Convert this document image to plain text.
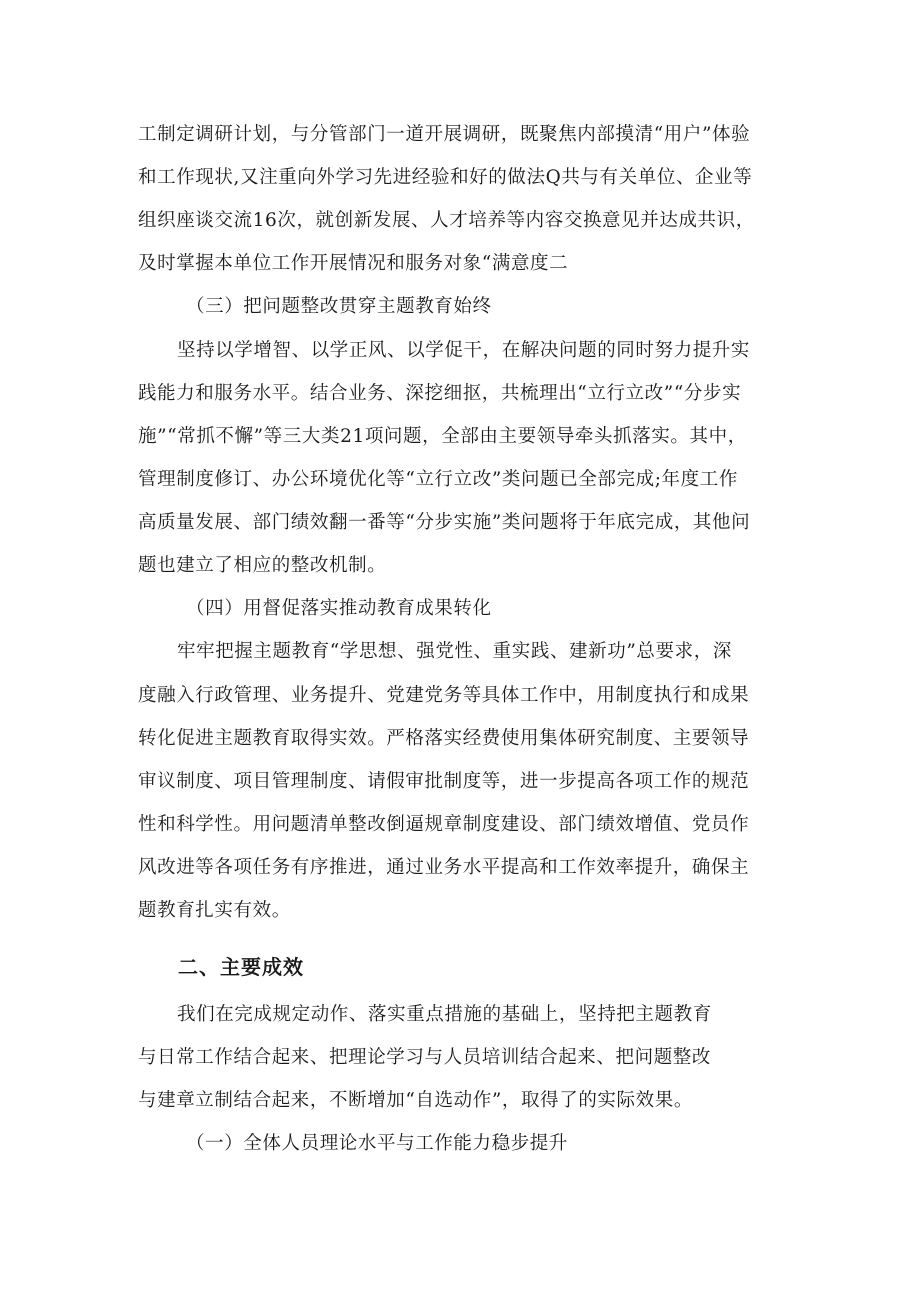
工制定调研计划，与分管部门一道开展调研，既聚焦内部摸清“用户”体验
和工作现状,又注重向外学习先进经验和好的做法Q共与有关单位、企业等
组织座谈交流16次，就创新发展、人才培养等内容交换意见并达成共识，
及时掌握本单位工作开展情况和服务对象“满意度二
（三）把问题整改贯穿主题教育始终
坚持以学增智、以学正风、以学促干，在解决问题的同时努力提升实
践能力和服务水平。结合业务、深挖细抠，共梳理出“立行立改”“分步实
施”“常抓不懈”等三大类21项问题，全部由主要领导牵头抓落实。其中，
管理制度修订、办公环境优化等“立行立改”类问题已全部完成;年度工作
高质量发展、部门绩效翻一番等“分步实施”类问题将于年底完成，其他问
题也建立了相应的整改机制。
（四）用督促落实推动教育成果转化
牢牢把握主题教育“学思想、强党性、重实践、建新功”总要求，深
度融入行政管理、业务提升、党建党务等具体工作中，用制度执行和成果
转化促进主题教育取得实效。严格落实经费使用集体研究制度、主要领导
审议制度、项目管理制度、请假审批制度等，进一步提高各项工作的规范
性和科学性。用问题清单整改倒逼规章制度建设、部门绩效增值、党员作
风改进等各项任务有序推进，通过业务水平提高和工作效率提升，确保主
题教育扎实有效。
二、主要成效
我们在完成规定动作、落实重点措施的基础上，坚持把主题教育
与日常工作结合起来、把理论学习与人员培训结合起来、把问题整改
与建章立制结合起来，不断增加“自选动作”，取得了的实际效果。
（一）全体人员理论水平与工作能力稳步提升
